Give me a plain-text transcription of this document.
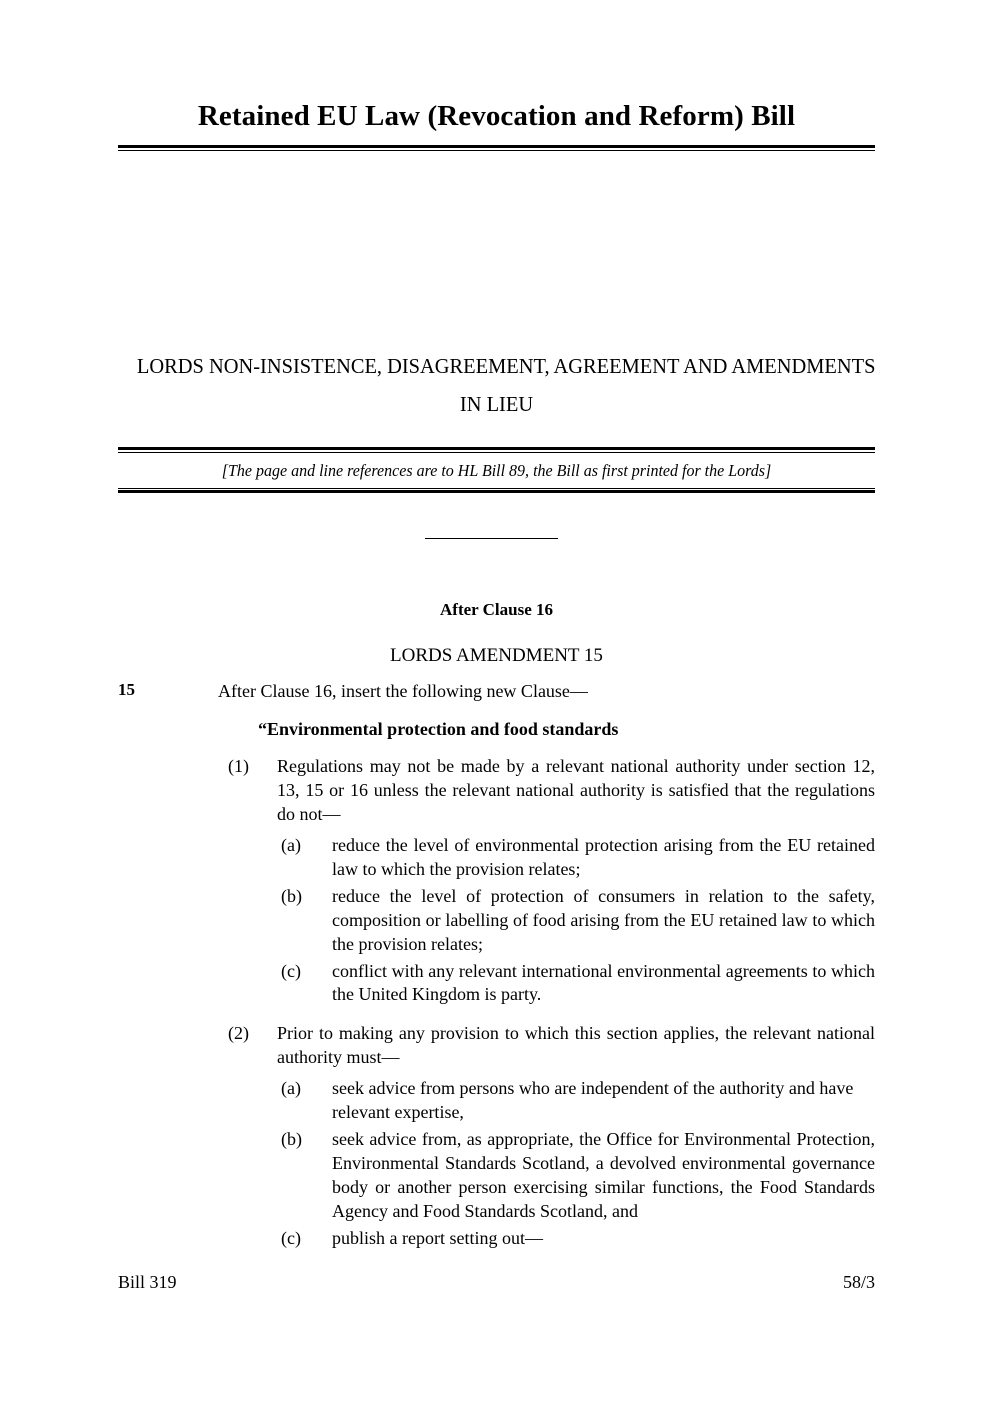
Retained EU Law (Revocation and Reform) Bill
LORDS NON-INSISTENCE, DISAGREEMENT, AGREEMENT AND AMENDMENTS
IN LIEU
[The page and line references are to HL Bill 89, the Bill as first printed for the Lords]
After Clause 16
LORDS AMENDMENT 15
15	After Clause 16, insert the following new Clause—
“Environmental protection and food standards
(1)	Regulations may not be made by a relevant national authority under section 12, 13, 15 or 16 unless the relevant national authority is satisfied that the regulations do not—
(a)	reduce the level of environmental protection arising from the EU retained law to which the provision relates;
(b)	reduce the level of protection of consumers in relation to the safety, composition or labelling of food arising from the EU retained law to which the provision relates;
(c)	conflict with any relevant international environmental agreements to which the United Kingdom is party.
(2)	Prior to making any provision to which this section applies, the relevant national authority must—
(a)	seek advice from persons who are independent of the authority and have relevant expertise,
(b)	seek advice from, as appropriate, the Office for Environmental Protection, Environmental Standards Scotland, a devolved environmental governance body or another person exercising similar functions, the Food Standards Agency and Food Standards Scotland, and
(c)	publish a report setting out—
Bill 319	58/3
